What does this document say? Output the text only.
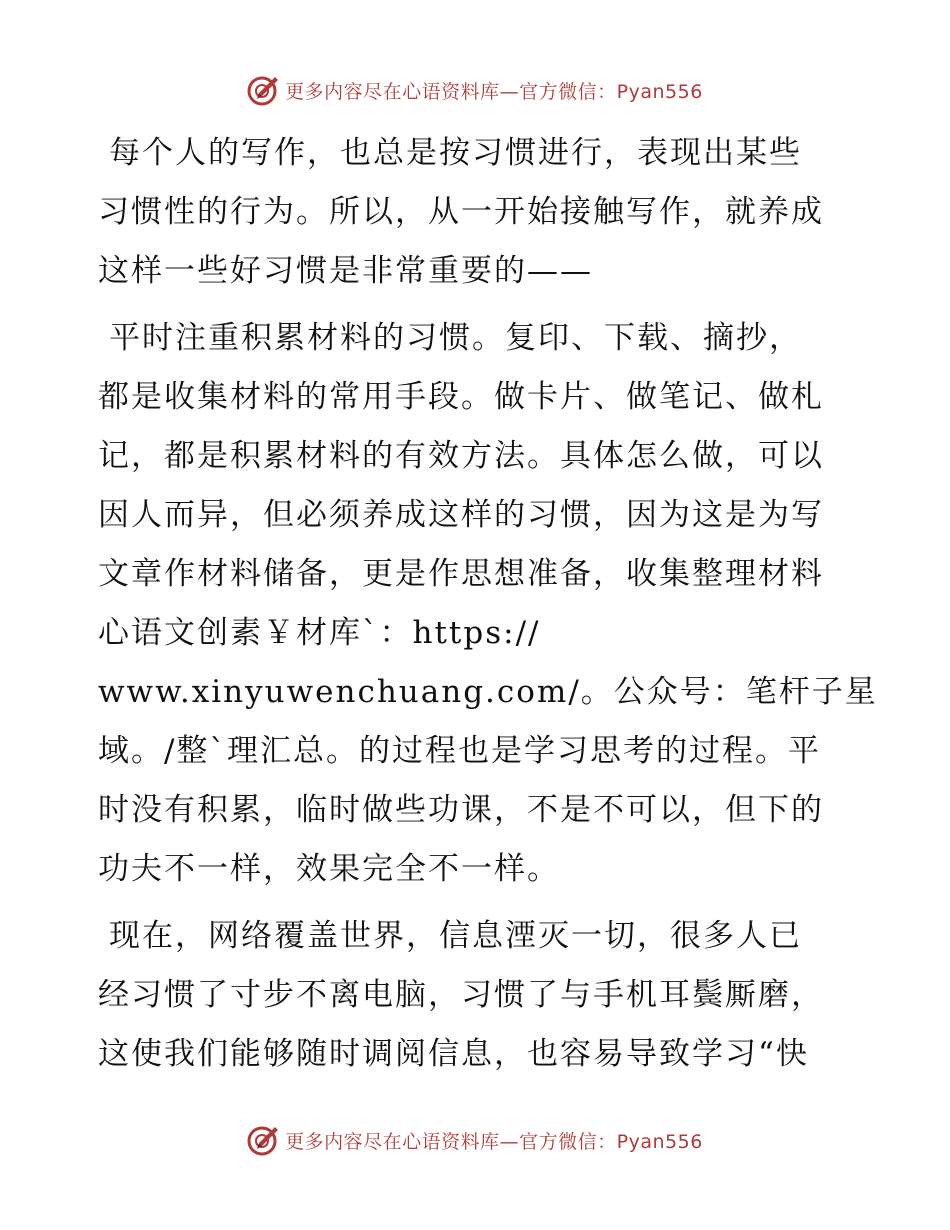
更多内容尽在心语资料库—官方微信：Pyan556

每个人的写作，也总是按习惯进行，表现出某些
习惯性的行为。所以，从一开始接触写作，就养成
这样一些好习惯是非常重要的——

平时注重积累材料的习惯。复印、下载、摘抄，
都是收集材料的常用手段。做卡片、做笔记、做札
记，都是积累材料的有效方法。具体怎么做，可以
因人而异，但必须养成这样的习惯，因为这是为写
文章作材料储备，更是作思想准备，收集整理材料
心语文创素￥材库`：https://
www.xinyuwenchuang.com/。公众号：笔杆子星
域。/整`理汇总。的过程也是学习思考的过程。平
时没有积累，临时做些功课，不是不可以，但下的
功夫不一样，效果完全不一样。

现在，网络覆盖世界，信息湮灭一切，很多人已
经习惯了寸步不离电脑，习惯了与手机耳鬓厮磨，
这使我们能够随时调阅信息，也容易导致学习“快

更多内容尽在心语资料库—官方微信：Pyan556
